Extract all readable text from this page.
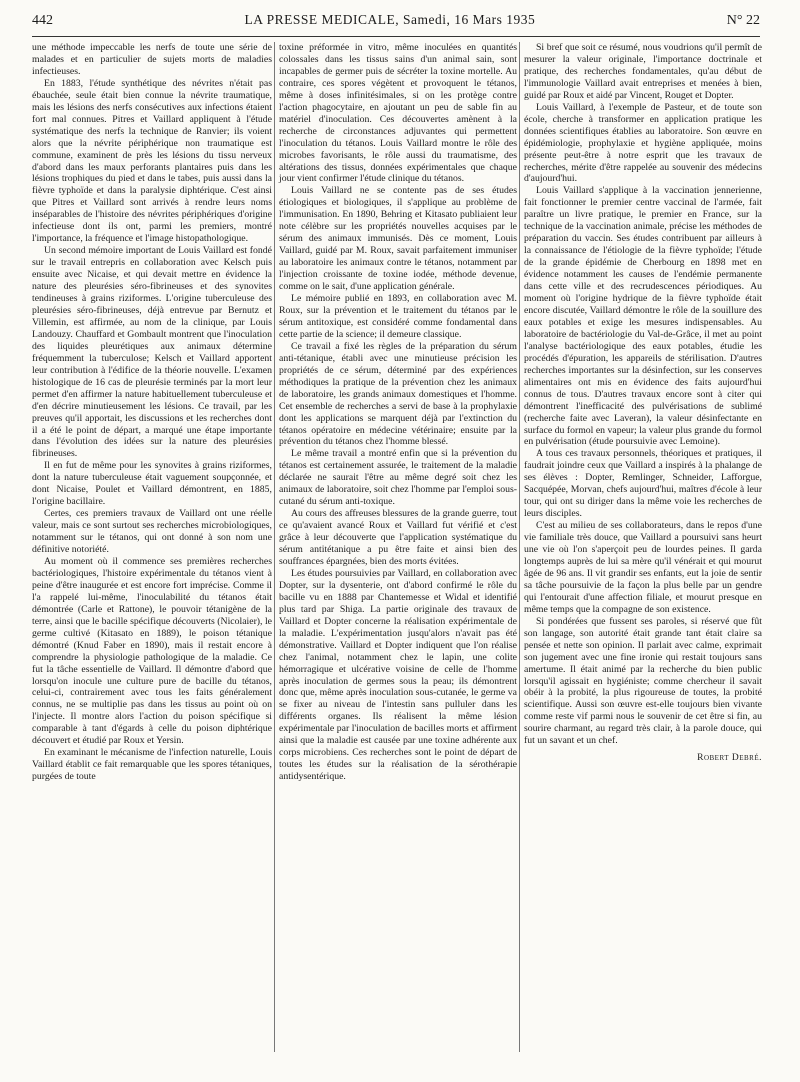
442	LA PRESSE MEDICALE, Samedi, 16 Mars 1935	N° 22

une méthode impeccable les nerfs de toute une série de malades et en particulier de sujets morts de maladies infectieuses.

En 1883, l'étude synthétique des névrites n'était pas ébauchée, seule était bien connue la névrite traumatique, mais les lésions des nerfs consécutives aux infections étaient fort mal connues. Pitres et Vaillard appliquent à l'étude systématique des nerfs la technique de Ranvier; ils voient alors que la névrite périphérique non traumatique est commune, examinent de près les lésions du tissu nerveux d'abord dans les maux perforants plantaires puis dans les lésions trophiques du pied et dans le tabes, puis aussi dans la fièvre typhoïde et dans la paralysie diphtérique. C'est ainsi que Pitres et Vaillard sont arrivés à rendre leurs noms inséparables de l'histoire des névrites périphériques d'origine infectieuse dont ils ont, parmi les premiers, montré l'importance, la fréquence et l'image histopathologique.

Un second mémoire important de Louis Vaillard est fondé sur le travail entrepris en collaboration avec Kelsch puis ensuite avec Nicaise, et qui devait mettre en évidence la nature des pleurésies séro-fibrineuses et des synovites tendineuses à grains riziformes. L'origine tuberculeuse des pleurésies séro-fibrineuses, déjà entrevue par Bernutz et Villemin, est affirmée, au nom de la clinique, par Louis Landouzy. Chauffard et Gombault montrent que l'inoculation des liquides pleurétiques aux animaux détermine fréquemment la tuberculose; Kelsch et Vaillard apportent leur contribution à l'édifice de la théorie nouvelle. L'examen histologique de 16 cas de pleurésie terminés par la mort leur permet d'en affirmer la nature habituellement tuberculeuse et d'en décrire minutieusement les lésions. Ce travail, par les preuves qu'il apportait, les discussions et les recherches dont il a été le point de départ, a marqué une étape importante dans l'évolution des idées sur la nature des pleurésies fibrineuses.

Il en fut de même pour les synovites à grains riziformes, dont la nature tuberculeuse était vaguement soupçonnée, et dont Nicaise, Poulet et Vaillard démontrent, en 1885, l'origine bacillaire.

Certes, ces premiers travaux de Vaillard ont une réelle valeur, mais ce sont surtout ses recherches microbiologiques, notamment sur le tétanos, qui ont donné à son nom une définitive notoriété.

Au moment où il commence ses premières recherches bactériologiques, l'histoire expérimentale du tétanos vient à peine d'être inaugurée et est encore fort imprécise. Comme il l'a rappelé lui-même, l'inoculabilité du tétanos était démontrée (Carle et Rattone), le pouvoir tétanigène de la terre, ainsi que le bacille spécifique découverts (Nicolaier), le germe cultivé (Kitasato en 1889), le poison tétanique démontré (Knud Faber en 1890), mais il restait encore à comprendre la physiologie pathologique de la maladie. Ce fut la tâche essentielle de Vaillard. Il démontre d'abord que lorsqu'on inocule une culture pure de bacille du tétanos, celui-ci, contrairement avec tous les faits généralement connus, ne se multiplie pas dans les tissus au point où on l'injecte. Il montre alors l'action du poison spécifique si comparable à tant d'égards à celle du poison diphtérique découvert et étudié par Roux et Yersin.

En examinant le mécanisme de l'infection naturelle, Louis Vaillard établit ce fait remarquable que les spores tétaniques, purgées de toute

toxine préformée in vitro, même inoculées en quantités colossales dans les tissus sains d'un animal sain, sont incapables de germer puis de sécréter la toxine mortelle. Au contraire, ces spores végètent et provoquent le tétanos, même à doses infinitésimales, si on les protège contre l'action phagocytaire, en ajoutant un peu de sable fin au matériel d'inoculation. Ces découvertes amènent à la recherche de circonstances adjuvantes qui permettent l'inoculation du tétanos. Louis Vaillard montre le rôle des microbes favorisants, le rôle aussi du traumatisme, des altérations des tissus, données expérimentales que chaque jour vient confirmer l'étude clinique du tétanos.

Louis Vaillard ne se contente pas de ses études étiologiques et biologiques, il s'applique au problème de l'immunisation. En 1890, Behring et Kitasato publiaient leur note célèbre sur les propriétés nouvelles acquises par le sérum des animaux immunisés. Dès ce moment, Louis Vaillard, guidé par M. Roux, savait parfaitement immuniser au laboratoire les animaux contre le tétanos, notamment par l'injection croissante de toxine iodée, méthode devenue, comme on le sait, d'une application générale.

Le mémoire publié en 1893, en collaboration avec M. Roux, sur la prévention et le traitement du tétanos par le sérum antitoxique, est considéré comme fondamental dans cette partie de la science; il demeure classique.

Ce travail a fixé les règles de la préparation du sérum anti-tétanique, établi avec une minutieuse précision les propriétés de ce sérum, déterminé par des expériences méthodiques la pratique de la prévention chez les animaux de laboratoire, les grands animaux domestiques et l'homme. Cet ensemble de recherches a servi de base à la prophylaxie dont les applications se marquent déjà par l'extinction du tétanos opératoire en médecine vétérinaire; ensuite par la prévention du tétanos chez l'homme blessé.

Le même travail a montré enfin que si la prévention du tétanos est certainement assurée, le traitement de la maladie déclarée ne saurait l'être au même degré soit chez les animaux de laboratoire, soit chez l'homme par l'emploi sous-cutané du sérum anti-toxique.

Au cours des affreuses blessures de la grande guerre, tout ce qu'avaient avancé Roux et Vaillard fut vérifié et c'est grâce à leur découverte que l'application systématique du sérum antitétanique a pu être faite et ainsi bien des souffrances épargnées, bien des morts évitées.

Les études poursuivies par Vaillard, en collaboration avec Dopter, sur la dysenterie, ont d'abord confirmé le rôle du bacille vu en 1888 par Chantemesse et Widal et identifié plus tard par Shiga. La partie originale des travaux de Vaillard et Dopter concerne la réalisation expérimentale de la maladie. L'expérimentation jusqu'alors n'avait pas été démonstrative. Vaillard et Dopter indiquent que l'on réalise chez l'animal, notamment chez le lapin, une colite hémorragique et ulcérative voisine de celle de l'homme après inoculation de germes sous la peau; ils démontrent donc que, même après inoculation sous-cutanée, le germe va se fixer au niveau de l'intestin sans pulluler dans les différents organes. Ils réalisent la même lésion expérimentale par l'inoculation de bacilles morts et affirment ainsi que la maladie est causée par une toxine adhérente aux corps microbiens. Ces recherches sont le point de départ de toutes les études sur la réalisation de la sérothérapie antidysentérique.

Si bref que soit ce résumé, nous voudrions qu'il permît de mesurer la valeur originale, l'importance doctrinale et pratique, des recherches fondamentales, qu'au début de l'immunologie Vaillard avait entreprises et menées à bien, guidé par Roux et aidé par Vincent, Rouget et Dopter.

Louis Vaillard, à l'exemple de Pasteur, et de toute son école, cherche à transformer en application pratique les données scientifiques établies au laboratoire. Son œuvre en épidémiologie, prophylaxie et hygiène appliquée, moins présente peut-être à notre esprit que les travaux de recherches, mérite d'être rappelée au souvenir des médecins d'aujourd'hui.

Louis Vaillard s'applique à la vaccination jennerienne, fait fonctionner le premier centre vaccinal de l'armée, fait paraître un livre pratique, le premier en France, sur la technique de la vaccination animale, précise les méthodes de préparation du vaccin. Ses études contribuent par ailleurs à la connaissance de l'étiologie de la fièvre typhoïde; l'étude de la grande épidémie de Cherbourg en 1898 met en évidence notamment les causes de l'endémie permanente dans cette ville et des recrudescences périodiques. Au moment où l'origine hydrique de la fièvre typhoïde était encore discutée, Vaillard démontre le rôle de la souillure des eaux potables et exige les mesures indispensables. Au laboratoire de bactériologie du Val-de-Grâce, il met au point l'analyse bactériologique des eaux potables, étudie les procédés d'épuration, les appareils de stérilisation. D'autres recherches importantes sur la désinfection, sur les conserves alimentaires ont mis en évidence des faits aujourd'hui connus de tous. D'autres travaux encore sont à citer qui démontrent l'inefficacité des pulvérisations de sublimé (recherche faite avec Laveran), la valeur désinfectante en surface du formol en vapeur; la valeur plus grande du formol en pulvérisation (étude poursuivie avec Lemoine).

A tous ces travaux personnels, théoriques et pratiques, il faudrait joindre ceux que Vaillard a inspirés à la phalange de ses élèves : Dopter, Remlinger, Schneider, Lafforgue, Sacquépée, Morvan, chefs aujourd'hui, maîtres d'école à leur tour, qui ont su diriger dans la même voie les recherches de leurs disciples.

C'est au milieu de ses collaborateurs, dans le repos d'une vie familiale très douce, que Vaillard a poursuivi sans heurt une vie où l'on s'aperçoit peu de lourdes peines. Il garda longtemps auprès de lui sa mère qu'il vénérait et qui mourut âgée de 96 ans. Il vit grandir ses enfants, eut la joie de sentir sa tâche poursuivie de la façon la plus belle par un gendre qui l'entourait d'une affection filiale, et mourut presque en même temps que la compagne de son existence.

Si pondérées que fussent ses paroles, si réservé que fût son langage, son autorité était grande tant était claire sa pensée et nette son opinion. Il parlait avec calme, exprimait son jugement avec une fine ironie qui restait toujours sans amertume. Il était animé par la recherche du bien public lorsqu'il agissait en hygiéniste; comme chercheur il savait obéir à la probité, la plus rigoureuse de toutes, la probité scientifique. Aussi son œuvre est-elle toujours bien vivante comme reste vif parmi nous le souvenir de cet être si fin, au sourire charmant, au regard très clair, à la parole douce, qui fut un savant et un chef.

Robert Debré.
